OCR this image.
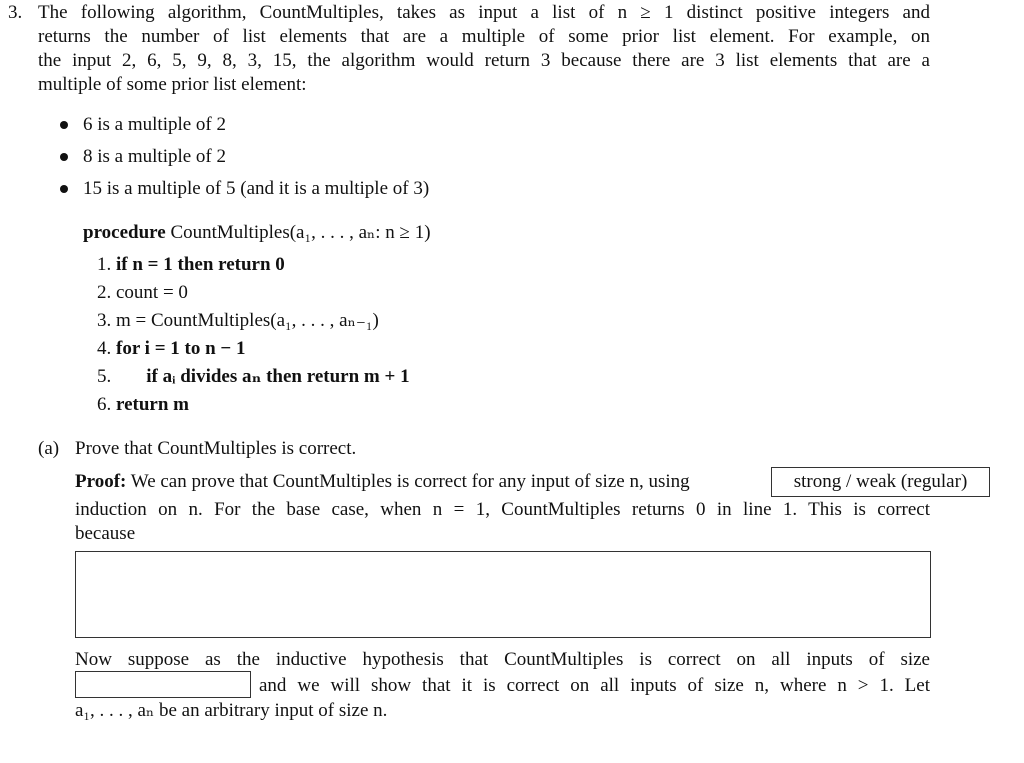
3. The following algorithm, CountMultiples, takes as input a list of n ≥ 1 distinct positive integers and
returns the number of list elements that are a multiple of some prior list element. For example, on
the input 2, 6, 5, 9, 8, 3, 15, the algorithm would return 3 because there are 3 list elements that are a
multiple of some prior list element:
6 is a multiple of 2
8 is a multiple of 2
15 is a multiple of 5 (and it is a multiple of 3)
procedure CountMultiples(a₁, . . . , aₙ: n ≥ 1)
1. if n = 1 then return 0
2. count = 0
3. m = CountMultiples(a₁, . . . , aₙ₋₁)
4. for i = 1 to n − 1
5. if aᵢ divides aₙ then return m + 1
6. return m
(a) Prove that CountMultiples is correct.
Proof: We can prove that CountMultiples is correct for any input of size n, using	strong / weak (regular)
induction on n. For the base case, when n = 1, CountMultiples returns 0 in line 1. This is correct
because
Now suppose as the inductive hypothesis that CountMultiples is correct on all inputs of size
and we will show that it is correct on all inputs of size n, where n > 1. Let
a₁, . . . , aₙ be an arbitrary input of size n.
